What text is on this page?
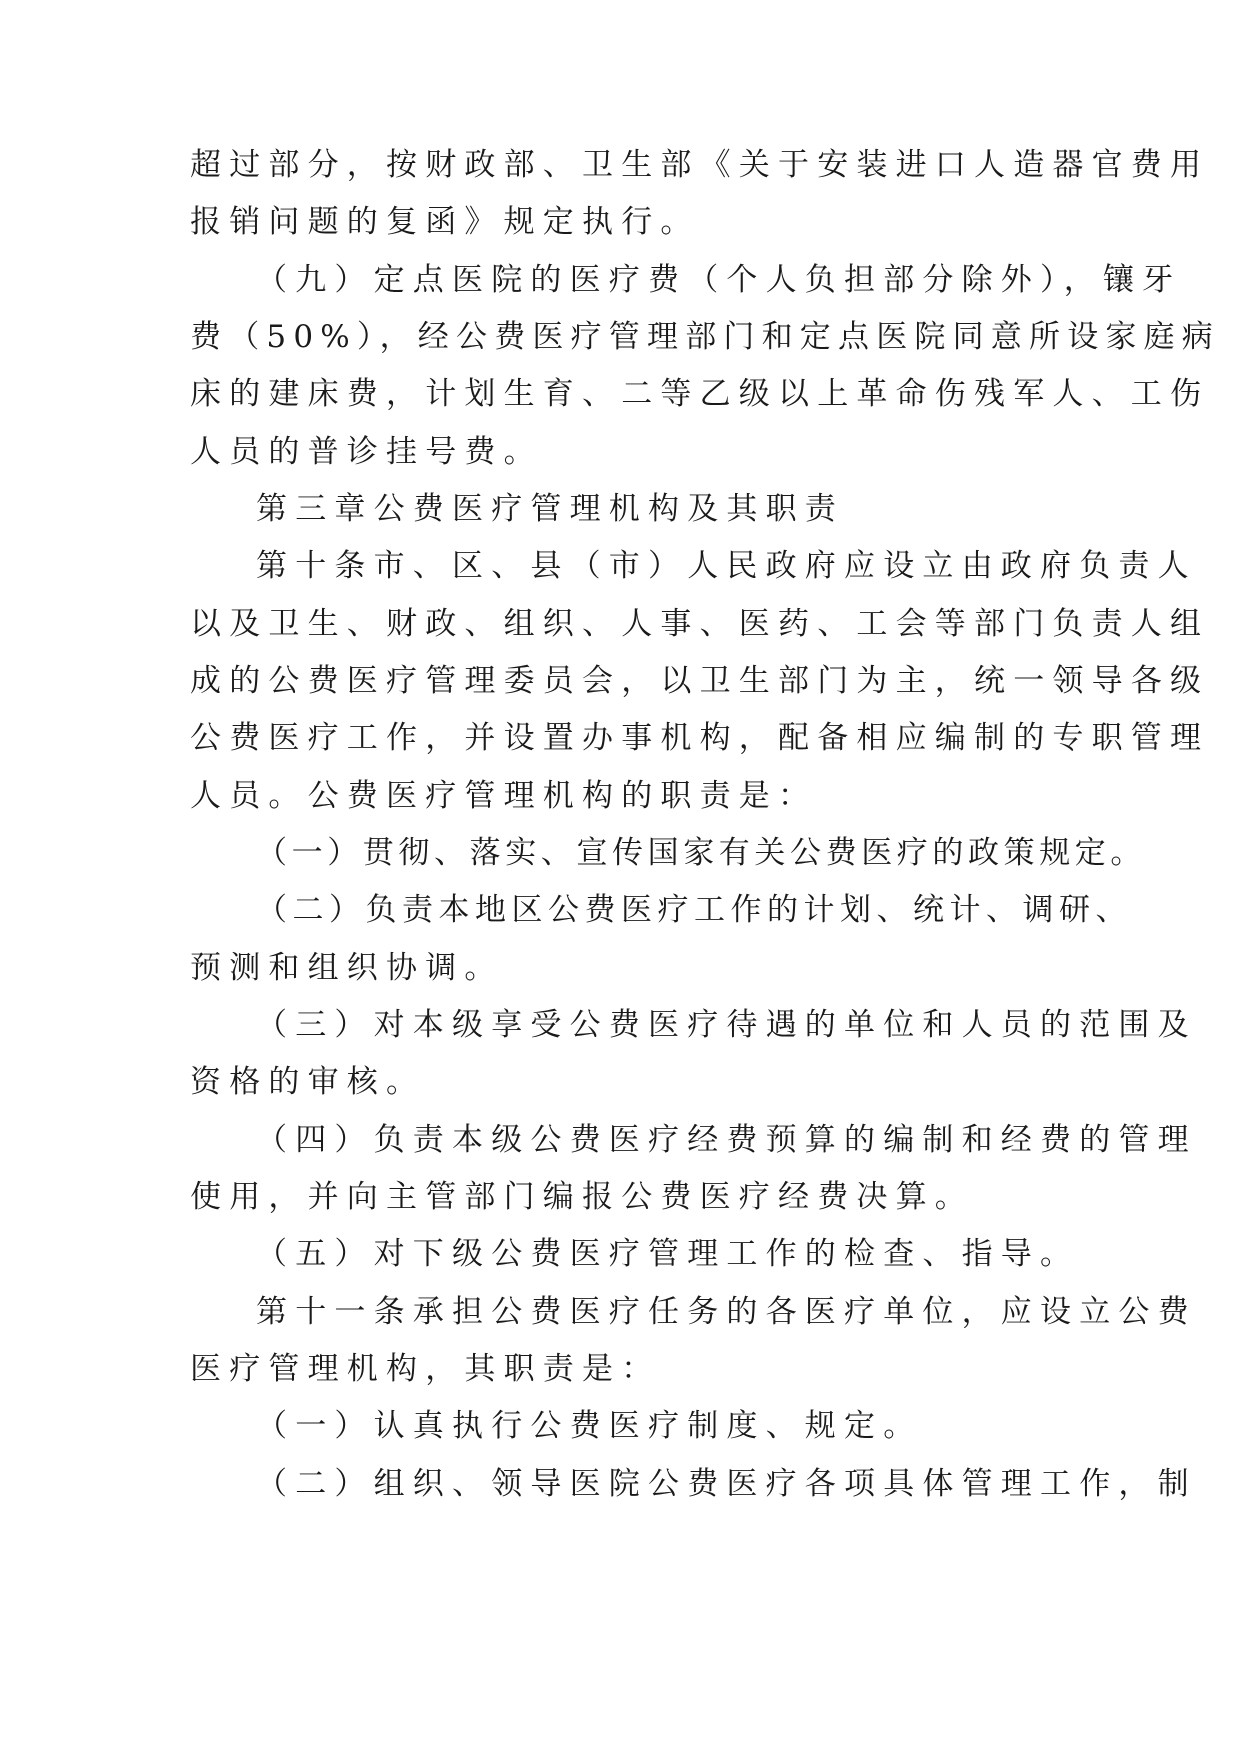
超过部分，按财政部、卫生部《关于安装进口人造器官费用
报销问题的复函》规定执行。
（九）定点医院的医疗费（个人负担部分除外），镶牙
费（50%），经公费医疗管理部门和定点医院同意所设家庭病
床的建床费，计划生育、二等乙级以上革命伤残军人、工伤
人员的普诊挂号费。
第三章公费医疗管理机构及其职责
第十条市、区、县（市）人民政府应设立由政府负责人
以及卫生、财政、组织、人事、医药、工会等部门负责人组
成的公费医疗管理委员会，以卫生部门为主，统一领导各级
公费医疗工作，并设置办事机构，配备相应编制的专职管理
人员。公费医疗管理机构的职责是：
（一）贯彻、落实、宣传国家有关公费医疗的政策规定。
（二）负责本地区公费医疗工作的计划、统计、调研、
预测和组织协调。
（三）对本级享受公费医疗待遇的单位和人员的范围及
资格的审核。
（四）负责本级公费医疗经费预算的编制和经费的管理
使用，并向主管部门编报公费医疗经费决算。
（五）对下级公费医疗管理工作的检查、指导。
第十一条承担公费医疗任务的各医疗单位，应设立公费
医疗管理机构，其职责是：
（一）认真执行公费医疗制度、规定。
（二）组织、领导医院公费医疗各项具体管理工作，制
